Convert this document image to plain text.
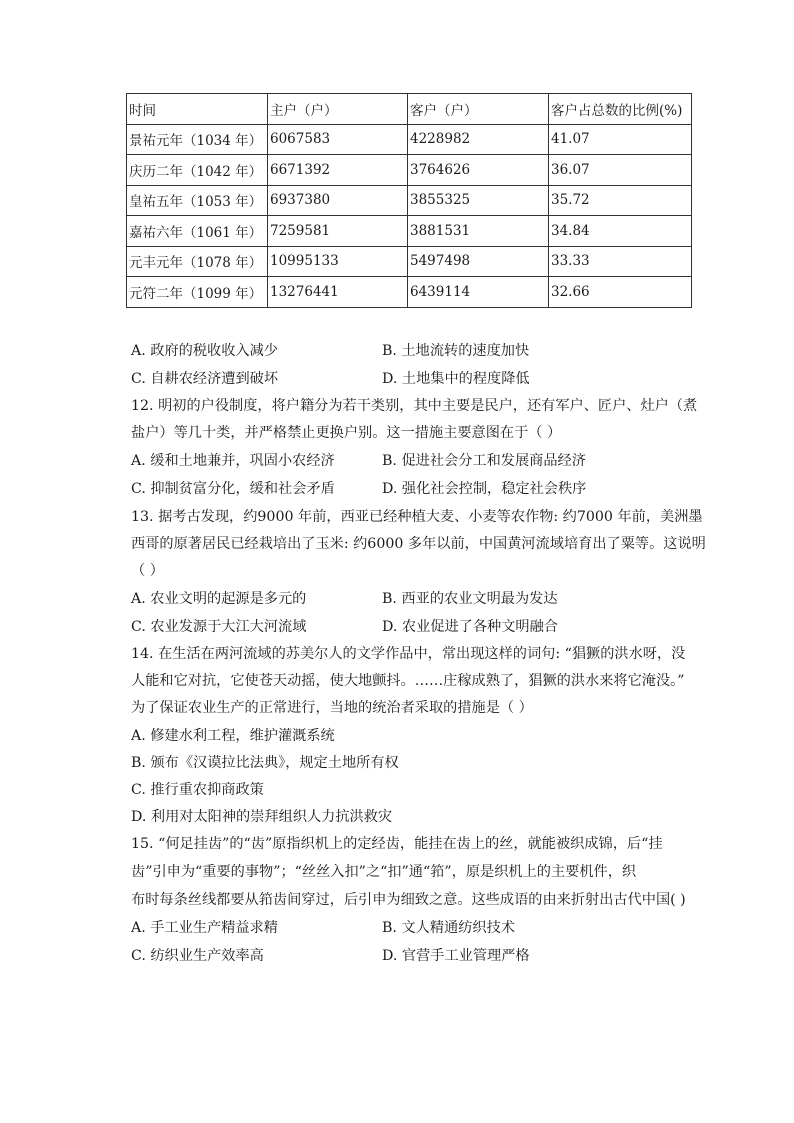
时间	主户（户）	客户（户）	客户占总数的比例(%)
景祐元年（1034 年）	6067583	4228982	41.07
庆历二年（1042 年）	6671392	3764626	36.07
皇祐五年（1053 年）	6937380	3855325	35.72
嘉祐六年（1061 年）	7259581	3881531	34.84
元丰元年（1078 年）	10995133	5497498	33.33
元符二年（1099 年）	13276441	6439114	32.66
A. 政府的税收收入减少	B. 土地流转的速度加快
C. 自耕农经济遭到破坏	D. 土地集中的程度降低
12. 明初的户役制度，将户籍分为若干类别，其中主要是民户，还有军户、匠户、灶户（煮
盐户）等几十类，并严格禁止更换户别。这一措施主要意图在于（ ）
A. 缓和土地兼并，巩固小农经济	B. 促进社会分工和发展商品经济
C. 抑制贫富分化，缓和社会矛盾	D. 强化社会控制，稳定社会秩序
13. 据考古发现，约9000 年前，西亚已经种植大麦、小麦等农作物: 约7000 年前，美洲墨
西哥的原著居民已经栽培出了玉米: 约6000 多年以前，中国黄河流域培育出了粟等。这说明
（ ）
A. 农业文明的起源是多元的	B. 西亚的农业文明最为发达
C. 农业发源于大江大河流域	D. 农业促进了各种文明融合
14. 在生活在两河流域的苏美尔人的文学作品中，常出现这样的词句: “猖獗的洪水呀，没
人能和它对抗，它使苍天动摇，使大地颤抖。……庄稼成熟了，猖獗的洪水来将它淹没。”
为了保证农业生产的正常进行，当地的统治者采取的措施是（ ）
A. 修建水利工程，维护灌溉系统
B. 颁布《汉谟拉比法典》，规定土地所有权
C. 推行重农抑商政策
D. 利用对太阳神的崇拜组织人力抗洪救灾
15. “何足挂齿”的“齿”原指织机上的定经齿，能挂在齿上的丝，就能被织成锦，后“挂
齿”引申为“重要的事物”；“丝丝入扣”之“扣”通“筘”，原是织机上的主要机件，织
布时每条丝线都要从筘齿间穿过，后引申为细致之意。这些成语的由来折射出古代中国( )
A. 手工业生产精益求精	B. 文人精通纺织技术
C. 纺织业生产效率高	D. 官营手工业管理严格
